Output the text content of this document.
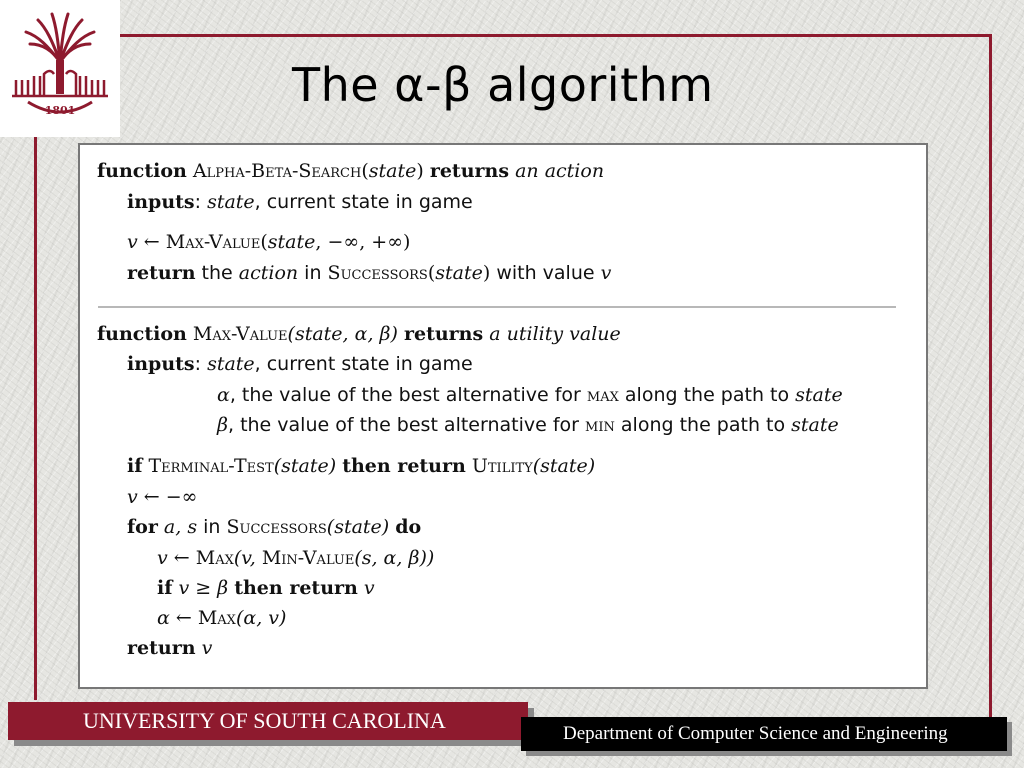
1801	The α-β algorithm
function Alpha-Beta-Search(state) returns an action
inputs: state, current state in game
v ← Max-Value(state, −∞, +∞)
return the action in Successors(state) with value v
function Max-Value(state, α, β) returns a utility value
inputs: state, current state in game
α, the value of the best alternative for max along the path to state
β, the value of the best alternative for min along the path to state
if Terminal-Test(state) then return Utility(state)
v ← −∞
for a, s in Successors(state) do
v ← Max(v, Min-Value(s, α, β))
if v ≥ β then return v
α ← Max(α, v)
return v
UNIVERSITY OF SOUTH CAROLINA
Department of Computer Science and Engineering
